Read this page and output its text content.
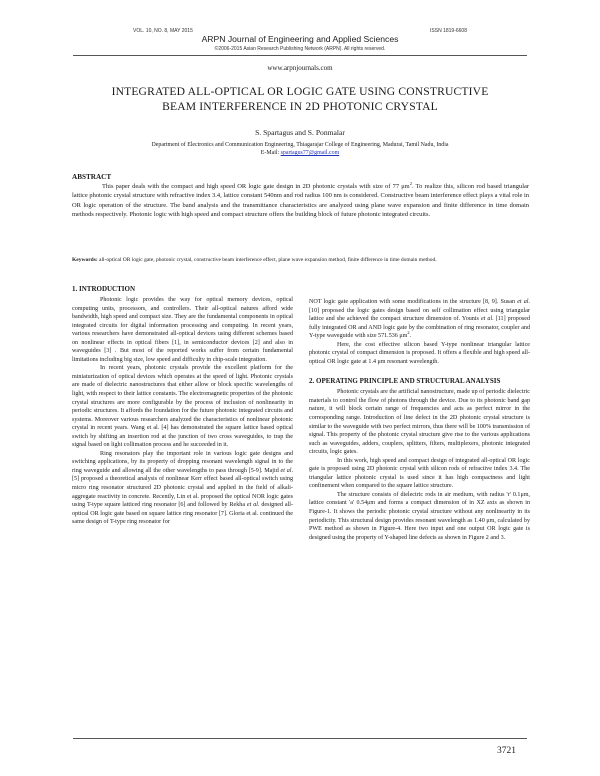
VOL. 10, NO. 8, MAY 2015	ISSN 1819-6608
ARPN Journal of Engineering and Applied Sciences
©2006-2015 Asian Research Publishing Network (ARPN). All rights reserved.
www.arpnjournals.com
INTEGRATED ALL-OPTICAL OR LOGIC GATE USING CONSTRUCTIVE
BEAM INTERFERENCE IN 2D PHOTONIC CRYSTAL
S. Spartagus and S. Ponmalar
Department of Electronics and Communication Engineering, Thiagarajar College of Engineering, Madurai, Tamil Nadu, India
E-Mail: spartagus77@gmail.com
ABSTRACT
This paper deals with the compact and high speed OR logic gate design in 2D photonic crystals with size of 77 $\mu m^2$. To realize this, silicon rod based triangular lattice photonic crystal structure with refractive index 3.4, lattice constant 540nm and rod radius 100 nm is considered. Constructive beam interference effect plays a vital role in OR logic operation of the structure. The band analysis and the transmittance characteristics are analyzed using plane wave expansion and finite difference in time domain methods respectively. Photonic logic with high speed and compact structure offers the building block of future photonic integrated circuits.
Keywords: all-optical OR logic gate, photonic crystal, constructive beam interference effect, plane wave expansion method, finite difference in time domain method.
1. INTRODUCTION

Photonic logic provides the way for optical memory devices, optical computing units, processors, and controllers. Their all-optical natures afford wide bandwidth, high speed and compact size. They are the fundamental components in optical integrated circuits for digital information processing and computing. In recent years, various researchers have demonstrated all-optical devices using different schemes based on nonlinear effects in optical fibers [1], in semiconductor devices [2] and also in waveguides [3] . But most of the reported works suffer from certain fundamental limitations including big size, low speed and difficulty in chip-scale integration.

In recent years, photonic crystals provide the excellent platform for the miniaturization of optical devices which operates at the speed of light. Photonic crystals are made of dielectric nanostructures that either allow or block specific wavelengths of light, with respect to their lattice constants. The electromagnetic properties of the photonic crystal structures are more configurable by the process of inclusion of nonlinearity in periodic structures. It affords the foundation for the future photonic integrated circuits and systems. Moreover various researchers analyzed the characteristics of nonlinear photonic crystal in recent years. Wang et al. [4] has demonstrated the square lattice based optical switch by shifting an insertion rod at the junction of two cross waveguides, to trap the signal based on light collimation process and he succeeded in it.

Ring resonators play the important role in various logic gate designs and switching applications, by its property of dropping resonant wavelength signal in to the ring waveguide and allowing all the other wavelengths to pass through [5-9]. Majid et al. [5] proposed a theoretical analysis of nonlinear Kerr effect based all-optical switch using micro ring resonator structured 2D photonic crystal and applied in the field of alkali-aggregate reactivity in concrete. Recently, Lin et al. proposed the optical NOR logic gates using T-type square latticed ring resonator [6] and followed by Rekha et al. designed all-optical OR logic gate based on square lattice ring resonator [7]. Gloria et al. continued the same design of T-type ring resonator for

NOT logic gate application with some modifications in the structure [8, 9]. Susan et al. [10] proposed the logic gates design based on self collimation effect using triangular lattice and she achieved the compact structure dimension of. Younis et al. [11] proposed fully integrated OR and AND logic gate by the combination of ring resonator, coupler and Y-type waveguide with size 571.536 $\mu m^2$.

Here, the cost effective silicon based Y-type nonlinear triangular lattice photonic crystal of compact dimension is proposed. It offers a flexible and high speed all-optical OR logic gate at 1.4 μm resonant wavelength.

2. OPERATING PRINCIPLE AND STRUCTURAL ANALYSIS

Photonic crystals are the artificial nanostructure, made up of periodic dielectric materials to control the flow of photons through the device. Due to its photonic band gap nature, it will block certain range of frequencies and acts as perfect mirror in the corresponding range. Introduction of line defect in the 2D photonic crystal structure is similar to the waveguide with two perfect mirrors, thus there will be 100% transmission of signal. This property of the photonic crystal structure give rise to the various applications such as waveguides, adders, couplers, splitters, filters, multiplexers, photonic integrated circuits, logic gates.

In this work, high speed and compact design of integrated all-optical OR logic gate is proposed using 2D photonic crystal with silicon rods of refractive index 3.4. The triangular lattice photonic crystal is used since it has high compactness and light confinement when compared to the square lattice structure.

The structure consists of dielectric rods in air medium, with radius 'r' 0.1μm, lattice constant 'a' 0.54μm and forms a compact dimension of in XZ axis as shown in Figure-1. It shows the periodic photonic crystal structure without any nonlinearity in its periodicity. This structural design provides resonant wavelength as 1.40 μm, calculated by PWE method as shown in Figure-4. Here two input and one output OR logic gate is designed using the property of Y-shaped line defects as shown in Figure 2 and 3.

3721
